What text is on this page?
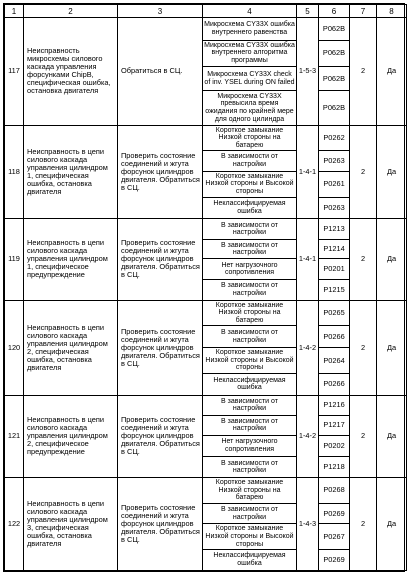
1	2	3	4	5	6	7	8
117	Неисправность микросхемы силового каскада управления форсунками ChipB, специфическая ошибка, остановка двигателя	Обратиться в СЦ.	Микросхема CY33X ошибка внутреннего равенства	1-5-3	P062B	2	Да
			Микросхема CY33X ошибка внутреннего алгоритма программы		P062B		
			Микросхема CY33X check of inv. YSEL during ON failed		P062B		
			Микросхема CY33X превысила время ожидания по крайней мере для одного цилиндра		P062B		
118	Неисправность в цепи силового каскада управления цилиндром 1, специфическая ошибка, остановка двигателя	Проверить состояние соединений и жгута форсунок цилиндров двигателя. Обратиться в СЦ.	Короткое замыкание Низкой стороны на батарею	1-4-1	P0262	2	Да
			В зависимости от настройки		P0263		
			Короткое замыкание Низкой стороны и Высокой стороны		P0261		
			Неклассифицируемая ошибка		P0263		
119	Неисправность в цепи силового каскада управления цилиндром 1, специфическое предупреждение	Проверить состояние соединений и жгута форсунок цилиндров двигателя. Обратиться в СЦ.	В зависимости от настройки	1-4-1	P1213	2	Да
			В зависимости от настройки		P1214		
			Нет нагрузочного сопротивления		P0201		
			В зависимости от настройки		P1215		
120	Неисправность в цепи силового каскада управления цилиндром 2, специфическая ошибка, остановка двигателя	Проверить состояние соединений и жгута форсунок цилиндров двигателя. Обратиться в СЦ.	Короткое замыкание Низкой стороны на батарею	1-4-2	P0265	2	Да
			В зависимости от настройки		P0266		
			Короткое замыкание Низкой стороны и Высокой стороны		P0264		
			Неклассифицируемая ошибка		P0266		
121	Неисправность в цепи силового каскада управления цилиндром 2, специфическое предупреждение	Проверить состояние соединений и жгута форсунок цилиндров двигателя. Обратиться в СЦ.	В зависимости от настройки	1-4-2	P1216	2	Да
			В зависимости от настройки		P1217		
			Нет нагрузочного сопротивления		P0202		
			В зависимости от настройки		P1218		
122	Неисправность в цепи силового каскада управления цилиндром 3, специфическая ошибка, остановка двигателя	Проверить состояние соединений и жгута форсунок цилиндров двигателя. Обратиться в СЦ.	Короткое замыкание Низкой стороны на батарею	1-4-3	P0268	2	Да
			В зависимости от настройки		P0269		
			Короткое замыкание Низкой стороны и Высокой стороны		P0267		
			Неклассифицируемая ошибка		P0269		
